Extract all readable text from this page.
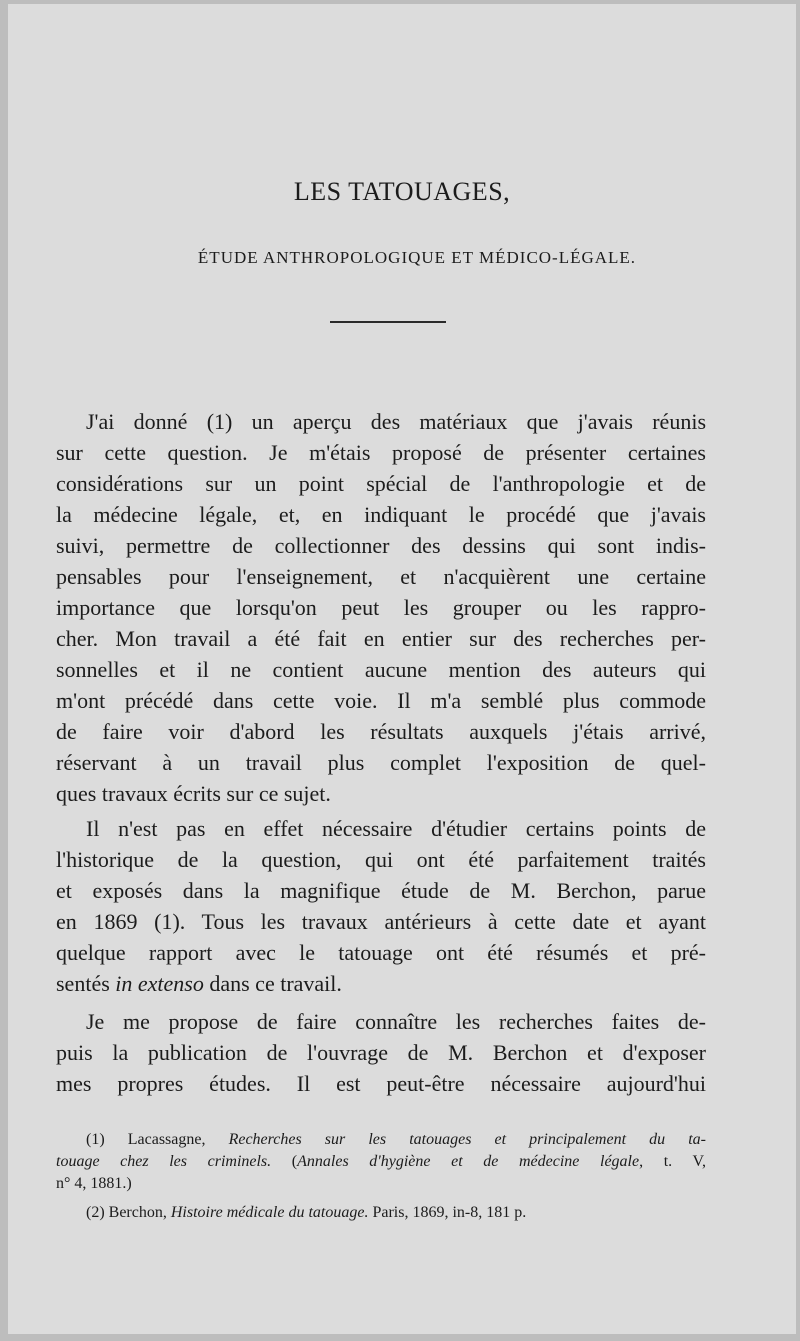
LES TATOUAGES,
ÉTUDE ANTHROPOLOGIQUE ET MÉDICO-LÉGALE.

J'ai donné (1) un aperçu des matériaux que j'avais réunis
sur cette question. Je m'étais proposé de présenter certaines
considérations sur un point spécial de l'anthropologie et de
la médecine légale, et, en indiquant le procédé que j'avais
suivi, permettre de collectionner des dessins qui sont indis-
pensables pour l'enseignement, et n'acquièrent une certaine
importance que lorsqu'on peut les grouper ou les rappro-
cher. Mon travail a été fait en entier sur des recherches per-
sonnelles et il ne contient aucune mention des auteurs qui
m'ont précédé dans cette voie. Il m'a semblé plus commode
de faire voir d'abord les résultats auxquels j'étais arrivé,
réservant à un travail plus complet l'exposition de quel-
ques travaux écrits sur ce sujet.

Il n'est pas en effet nécessaire d'étudier certains points de
l'historique de la question, qui ont été parfaitement traités
et exposés dans la magnifique étude de M. Berchon, parue
en 1869 (1). Tous les travaux antérieurs à cette date et ayant
quelque rapport avec le tatouage ont été résumés et pré-
sentés in extenso dans ce travail.

Je me propose de faire connaître les recherches faites de-
puis la publication de l'ouvrage de M. Berchon et d'exposer
mes propres études. Il est peut-être nécessaire aujourd'hui

(1) Lacassagne, Recherches sur les tatouages et principalement du ta-
touage chez les criminels. (Annales d'hygiène et de médecine légale, t. V,
n° 4, 1881.)

(2) Berchon, Histoire médicale du tatouage. Paris, 1869, in-8, 181 p.
